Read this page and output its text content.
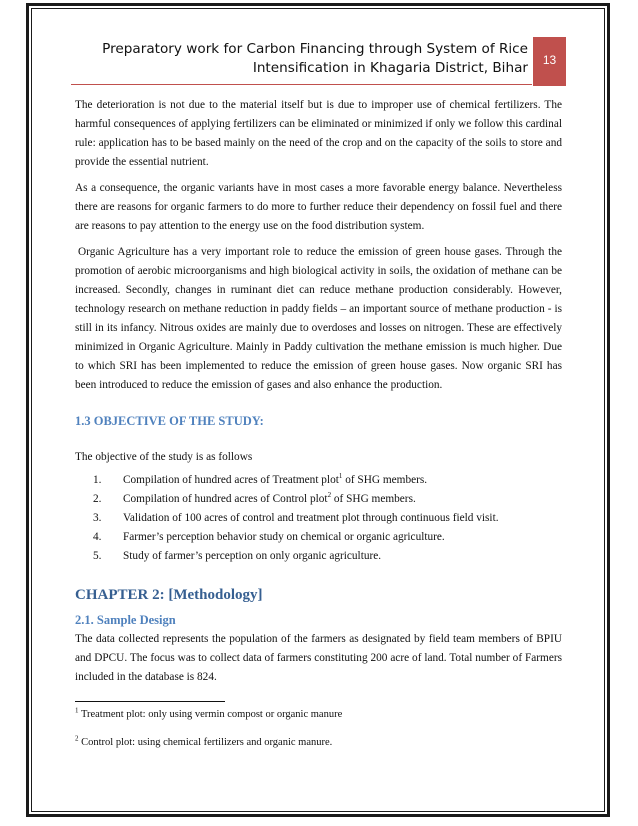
Preparatory work for Carbon Financing through System of Rice
Intensification in Khagaria District, Bihar	13

The deterioration is not due to the material itself but is due to improper use of chemical fertilizers. The harmful consequences of applying fertilizers can be eliminated or minimized if only we follow this cardinal rule: application has to be based mainly on the need of the crop and on the capacity of the soils to store and provide the essential nutrient.

As a consequence, the organic variants have in most cases a more favorable energy balance. Nevertheless there are reasons for organic farmers to do more to further reduce their dependency on fossil fuel and there are reasons to pay attention to the energy use on the food distribution system.

Organic Agriculture has a very important role to reduce the emission of green house gases. Through the promotion of aerobic microorganisms and high biological activity in soils, the oxidation of methane can be increased. Secondly, changes in ruminant diet can reduce methane production considerably. However, technology research on methane reduction in paddy fields – an important source of methane production - is still in its infancy. Nitrous oxides are mainly due to overdoses and losses on nitrogen. These are effectively minimized in Organic Agriculture. Mainly in Paddy cultivation the methane emission is much higher. Due to which SRI has been implemented to reduce the emission of green house gases. Now organic SRI has been introduced to reduce the emission of gases and also enhance the production.

1.3 OBJECTIVE OF THE STUDY:

The objective of the study is as follows

1. Compilation of hundred acres of Treatment plot$^1$ of SHG members.
2. Compilation of hundred acres of Control plot$^2$ of SHG members.
3. Validation of 100 acres of control and treatment plot through continuous field visit.
4. Farmer’s perception behavior study on chemical or organic agriculture.
5. Study of farmer’s perception on only organic agriculture.
CHAPTER 2: [Methodology]
2.1. Sample Design

The data collected represents the population of the farmers as designated by field team members of BPIU and DPCU. The focus was to collect data of farmers constituting 200 acre of land. Total number of Farmers included in the database is 824.

$^1$ Treatment plot: only using vermin compost or organic manure
$^2$ Control plot: using chemical fertilizers and organic manure.
